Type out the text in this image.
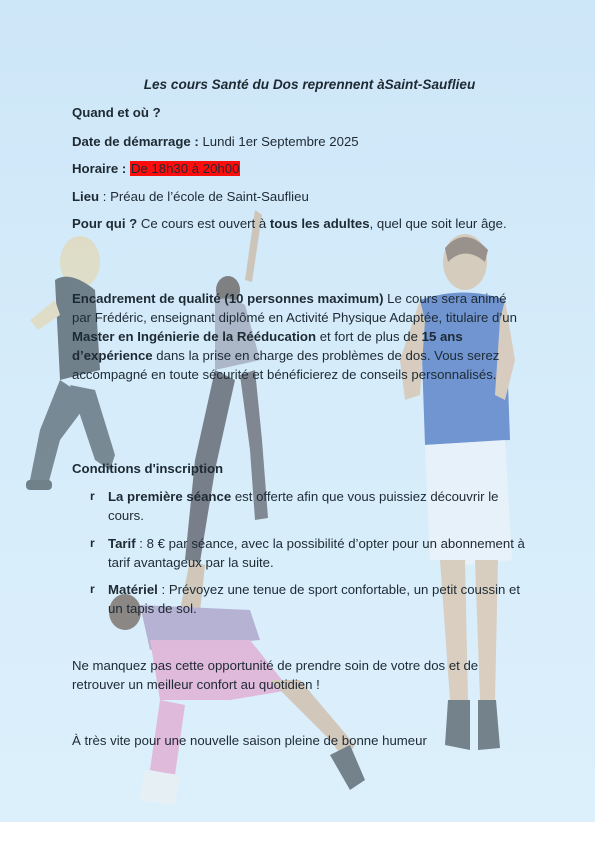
Les cours Santé du Dos reprennent àSaint-Sauflieu
Quand et où ?
Date de démarrage : Lundi 1er Septembre 2025
Horaire : De 18h30 à 20h00
Lieu : Préau de l’école de Saint-Sauflieu
Pour qui ? Ce cours est ouvert à tous les adultes, quel que soit leur âge.
Encadrement de qualité (10 personnes maximum) Le cours sera animé par Frédéric, enseignant diplômé en Activité Physique Adaptée, titulaire d’un Master en Ingénierie de la Rééducation et fort de plus de 15 ans d’expérience dans la prise en charge des problèmes de dos. Vous serez accompagné en toute sécurité et bénéficierez de conseils personnalisés.
Conditions d'inscription
r La première séance est offerte afin que vous puissiez découvrir le cours.
r Tarif : 8 € par séance, avec la possibilité d’opter pour un abonnement à tarif avantageux par la suite.
r Matériel : Prévoyez une tenue de sport confortable, un petit coussin et un tapis de sol.
Ne manquez pas cette opportunité de prendre soin de votre dos et de retrouver un meilleur confort au quotidien !
À très vite pour une nouvelle saison pleine de bonne humeur
